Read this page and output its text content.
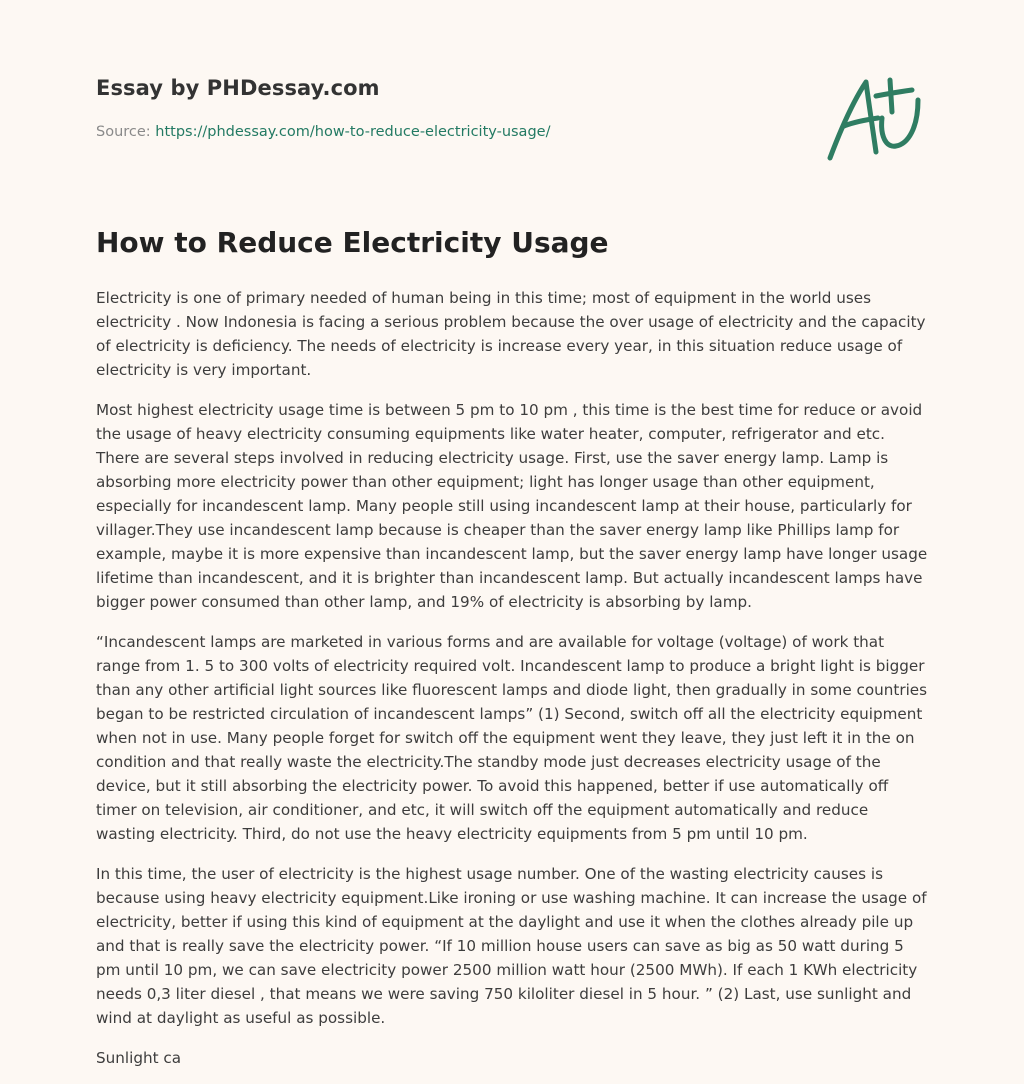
Essay by PHDessay.com
Source: https://phdessay.com/how-to-reduce-electricity-usage/
How to Reduce Electricity Usage

Electricity is one of primary needed of human being in this time; most of equipment in the world uses electricity . Now Indonesia is facing a serious problem because the over usage of electricity and the capacity of electricity is deficiency. The needs of electricity is increase every year, in this situation reduce usage of electricity is very important.

Most highest electricity usage time is between 5 pm to 10 pm , this time is the best time for reduce or avoid the usage of heavy electricity consuming equipments like water heater, computer, refrigerator and etc. There are several steps involved in reducing electricity usage. First, use the saver energy lamp. Lamp is absorbing more electricity power than other equipment; light has longer usage than other equipment, especially for incandescent lamp. Many people still using incandescent lamp at their house, particularly for villager.They use incandescent lamp because is cheaper than the saver energy lamp like Phillips lamp for example, maybe it is more expensive than incandescent lamp, but the saver energy lamp have longer usage lifetime than incandescent, and it is brighter than incandescent lamp. But actually incandescent lamps have bigger power consumed than other lamp, and 19% of electricity is absorbing by lamp.

“Incandescent lamps are marketed in various forms and are available for voltage (voltage) of work that range from 1. 5 to 300 volts of electricity required volt. Incandescent lamp to produce a bright light is bigger than any other artificial light sources like fluorescent lamps and diode light, then gradually in some countries began to be restricted circulation of incandescent lamps” (1) Second, switch off all the electricity equipment when not in use. Many people forget for switch off the equipment went they leave, they just left it in the on condition and that really waste the electricity.The standby mode just decreases electricity usage of the device, but it still absorbing the electricity power. To avoid this happened, better if use automatically off timer on television, air conditioner, and etc, it will switch off the equipment automatically and reduce wasting electricity. Third, do not use the heavy electricity equipments from 5 pm until 10 pm.

In this time, the user of electricity is the highest usage number. One of the wasting electricity causes is because using heavy electricity equipment.Like ironing or use washing machine. It can increase the usage of electricity, better if using this kind of equipment at the daylight and use it when the clothes already pile up and that is really save the electricity power. “If 10 million house users can save as big as 50 watt during 5 pm until 10 pm, we can save electricity power 2500 million watt hour (2500 MWh). If each 1 KWh electricity needs 0,3 liter diesel , that means we were saving 750 kiloliter diesel in 5 hour. ” (2) Last, use sunlight and wind at daylight as useful as possible.

Sunlight ca
